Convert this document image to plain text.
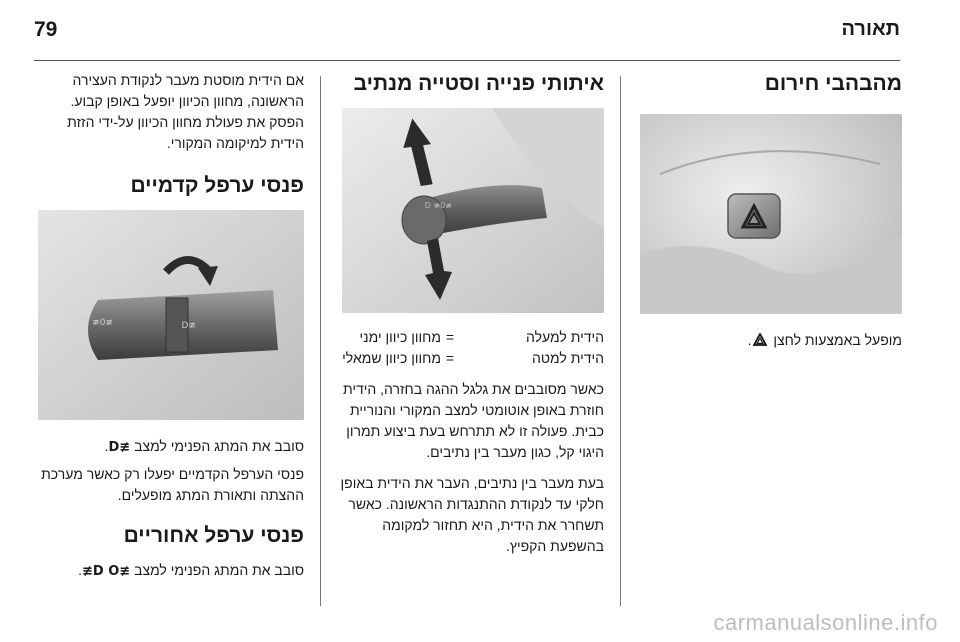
תאורה
79
מהבהבי חירום

מופעל באמצעות לחצן .

איתותי פנייה וסטייה מנתיב
≢D ≢0
הידית למעלה
=
מחוון כיוון ימני
הידית למטה
=
מחוון כיוון שמאלי

כאשר מסובבים את גלגל ההגה בחזרה, הידית חוזרת באופן אוטומטי למצב המקורי והנוריית כבית. פעולה זו לא תתרחש בעת ביצוע תמרון היגוי קל, כגון מעבר בין נתיבים.

בעת מעבר בין נתיבים, העבר את הידית באופן חלקי עד לנקודת ההתנגדות הראשונה. כאשר תשחרר את הידית, היא תחזור למקומה בהשפעת הקפיץ.

אם הידית מוסטת מעבר לנקודת העצירה הראשונה, מחוון הכיוון יופעל באופן קבוע. הפסק את פעולת מחוון הכיוון על-ידי הזזת הידית למיקומה המקורי.

פנסי ערפל קדמיים
≢D ≢0	≢D

סובב את המתג הפנימי למצב ≢D.

פנסי הערפל הקדמיים יפעלו רק כאשר מערכת ההצתה ותאורת המתג מופעלים.

פנסי ערפל אחוריים

סובב את המתג הפנימי למצב ≢D O≢.

carmanualsonline.info
